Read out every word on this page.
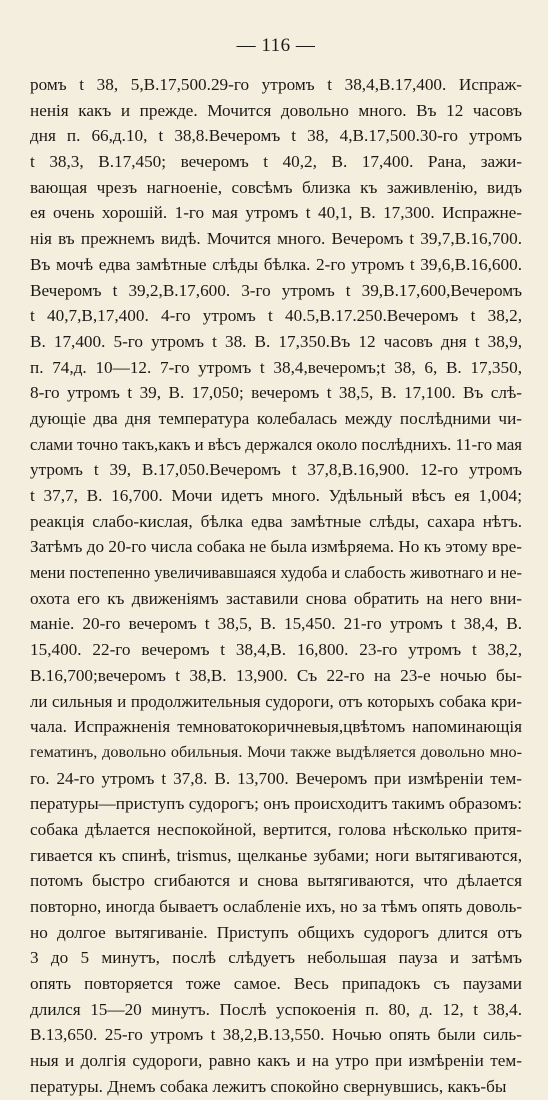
— 116 —
ромъ t 38, 5,В.17,500.29-го утромъ t 38,4,В.17,400. Испраж-
ненія какъ и прежде. Мочится довольно много. Въ 12 часовъ
дня п. 66,д.10, t 38,8.Вечеромъ t 38, 4,В.17,500.30-го утромъ
t 38,3, В.17,450; вечеромъ t 40,2, В. 17,400. Рана, зажи-
вающая чрезъ нагноеніе, совсѣмъ близка къ заживленію, видъ
ея очень хорошій. 1-го мая утромъ t 40,1, В. 17,300. Испражне-
нія въ прежнемъ видѣ. Мочится много. Вечеромъ t 39,7,В.16,700.
Въ мочѣ едва замѣтные слѣды бѣлка. 2-го утромъ t 39,6,В.16,600.
Вечеромъ t 39,2,В.17,600. 3-го утромъ t 39,В.17,600,Вечеромъ
t 40,7,В,17,400. 4-го утромъ t 40.5,В.17.250.Вечеромъ t 38,2,
В. 17,400. 5-го утромъ t 38. В. 17,350.Въ 12 часовъ дня t 38,9,
п. 74,д. 10—12. 7-го утромъ t 38,4,вечеромъ;t 38, 6, В. 17,350,
8-го утромъ t 39, В. 17,050; вечеромъ t 38,5, В. 17,100. Въ слѣ-
дующіе два дня температура колебалась между послѣдними чи-
слами точно такъ,какъ и вѣсъ держался около послѣднихъ. 11-го мая
утромъ t 39, В.17,050.Вечеромъ t 37,8,В.16,900. 12-го утромъ
t 37,7, В. 16,700. Мочи идетъ много. Удѣльный вѣсъ ея 1,004;
реакція слабо-кислая, бѣлка едва замѣтные слѣды, сахара нѣтъ.
Затѣмъ до 20-го числа собака не была измѣряема. Но къ этому вре-
мени постепенно увеличивавшаяся худоба и слабость животнаго и не-
охота его къ движеніямъ заставили снова обратить на него вни-
маніе. 20-го вечеромъ t 38,5, В. 15,450. 21-го утромъ t 38,4, В.
15,400. 22-го вечеромъ t 38,4,В. 16,800. 23-го утромъ t 38,2,
В.16,700;вечеромъ t 38,В. 13,900. Съ 22-го на 23-е ночью бы-
ли сильныя и продолжительныя судороги, отъ которыхъ собака кри-
чала. Испражненія темноватокоричневыя,цвѣтомъ напоминающія
гематинъ, довольно обильныя. Мочи также выдѣляется довольно мно-
го. 24-го утромъ t 37,8. В. 13,700. Вечеромъ при измѣреніи тем-
пературы—приступъ судорогъ; онъ происходитъ такимъ образомъ:
собака дѣлается неспокойной, вертится, голова нѣсколько притя-
гивается къ спинѣ, trismus, щелканье зубами; ноги вытягиваются,
потомъ быстро сгибаются и снова вытягиваются, что дѣлается
повторно, иногда бываетъ ослабленіе ихъ, но за тѣмъ опять доволь-
но долгое вытягиваніе. Приступъ общихъ судорогъ длится отъ
3 до 5 минутъ, послѣ слѣдуетъ небольшая пауза и затѣмъ
опять повторяется тоже самое. Весь припадокъ съ паузами
длился 15—20 минутъ. Послѣ успокоенія п. 80, д. 12, t 38,4.
В.13,650. 25-го утромъ t 38,2,В.13,550. Ночью опять были силь-
ныя и долгія судороги, равно какъ и на утро при измѣреніи тем-
пературы. Днемъ собака лежитъ спокойно свернувшись, какъ-бы
